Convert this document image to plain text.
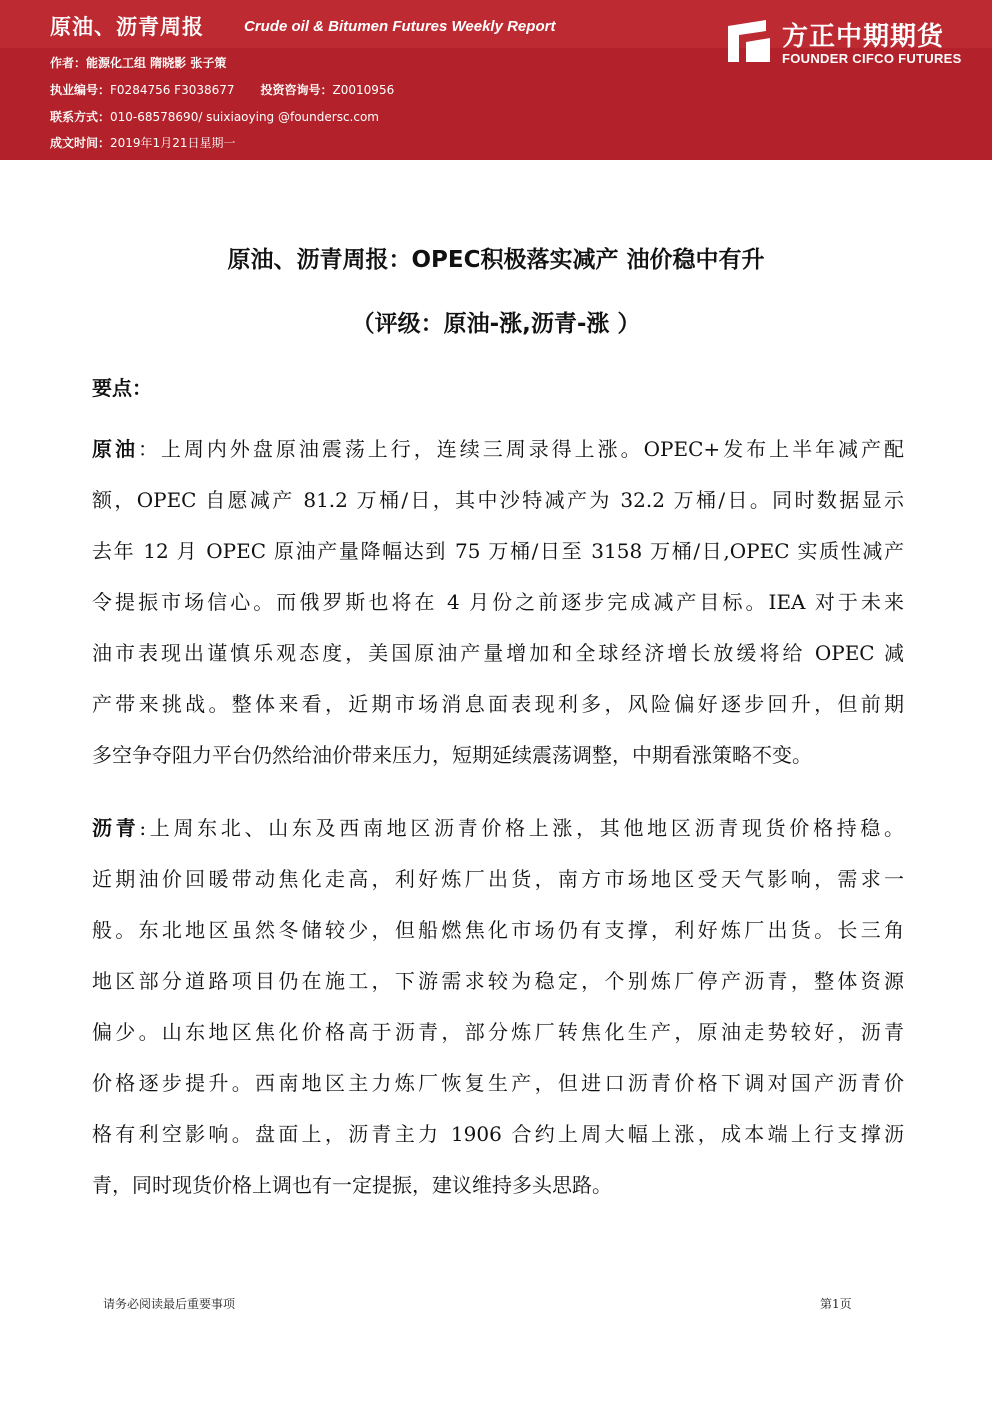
原油、沥青周报	Crude oil & Bitumen Futures Weekly Report
作者：能源化工组 隋晓影 张子策
执业编号：F0284756 F3038677 投资咨询号：Z0010956
联系方式：010-68578690/ suixiaoying @foundersc.com
成文时间：2019年1月21日星期一
方正中期期货
FOUNDER CIFCO FUTURES
原油、沥青周报：OPEC积极落实减产 油价稳中有升
（评级：原油-涨,沥青-涨 ）
要点：
原油：上周内外盘原油震荡上行，连续三周录得上涨。OPEC+发布上半年减产配
额，OPEC 自愿减产 81.2 万桶/日，其中沙特减产为 32.2 万桶/日。同时数据显示
去年 12 月 OPEC 原油产量降幅达到 75 万桶/日至 3158 万桶/日,OPEC 实质性减产
令提振市场信心。而俄罗斯也将在 4 月份之前逐步完成减产目标。IEA 对于未来
油市表现出谨慎乐观态度，美国原油产量增加和全球经济增长放缓将给 OPEC 减
产带来挑战。整体来看，近期市场消息面表现利多，风险偏好逐步回升，但前期
多空争夺阻力平台仍然给油价带来压力，短期延续震荡调整，中期看涨策略不变。
沥青:上周东北、山东及西南地区沥青价格上涨，其他地区沥青现货价格持稳。
近期油价回暖带动焦化走高，利好炼厂出货，南方市场地区受天气影响，需求一
般。东北地区虽然冬储较少，但船燃焦化市场仍有支撑，利好炼厂出货。长三角
地区部分道路项目仍在施工，下游需求较为稳定，个别炼厂停产沥青，整体资源
偏少。山东地区焦化价格高于沥青，部分炼厂转焦化生产，原油走势较好，沥青
价格逐步提升。西南地区主力炼厂恢复生产，但进口沥青价格下调对国产沥青价
格有利空影响。盘面上，沥青主力 1906 合约上周大幅上涨，成本端上行支撑沥
青，同时现货价格上调也有一定提振，建议维持多头思路。
请务必阅读最后重要事项	第1页
